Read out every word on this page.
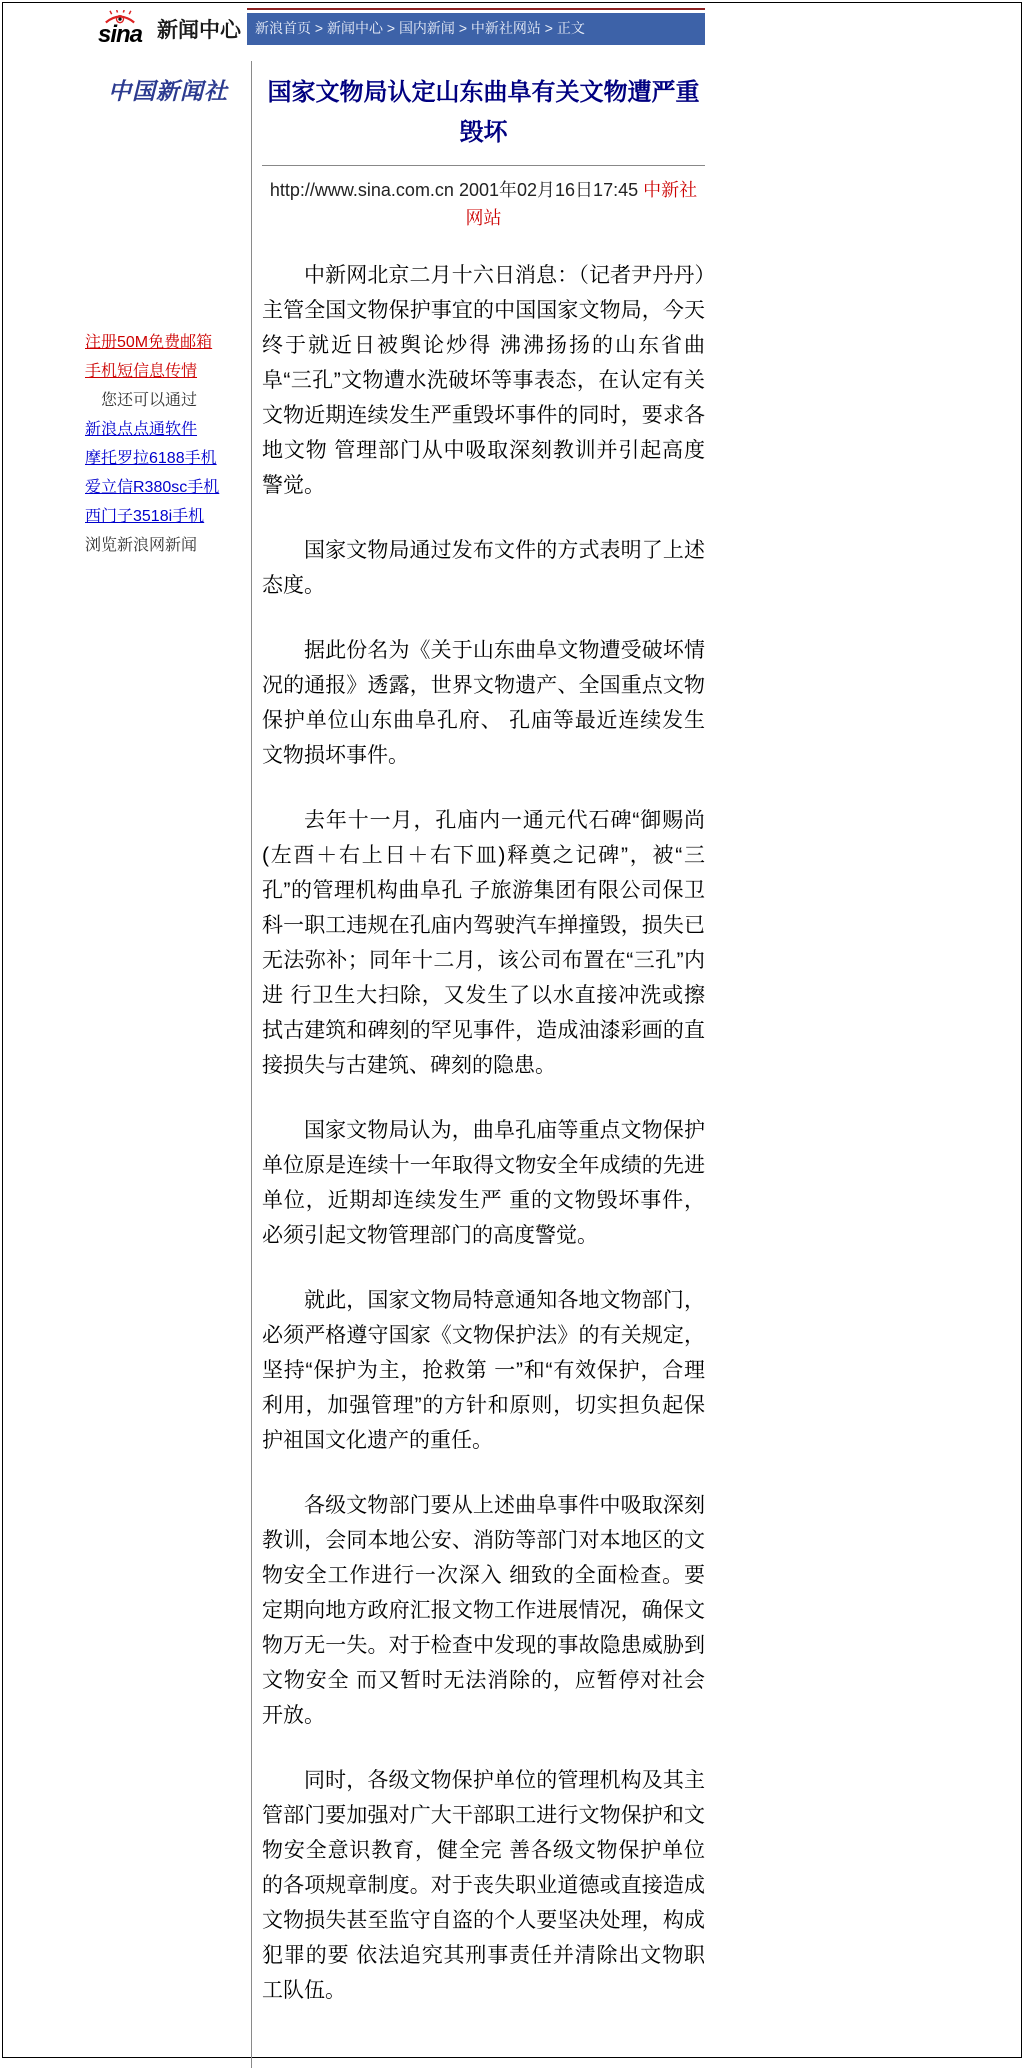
sina 新闻中心	新浪首页 > 新闻中心 > 国内新闻 > 中新社网站 > 正文
中国新闻社
注册50M免费邮箱
手机短信息传情
您还可以通过
新浪点点通软件
摩托罗拉6188手机
爱立信R380sc手机
西门子3518i手机
浏览新浪网新闻
国家文物局认定山东曲阜有关文物遭严重毁坏
http://www.sina.com.cn 2001年02月16日17:45 中新社网站

中新网北京二月十六日消息：（记者尹丹丹）主管全国文物保护事宜的中国国家文物局，今天终于就近日被舆论炒得 沸沸扬扬的山东省曲阜“三孔”文物遭水洗破坏等事表态，在认定有关文物近期连续发生严重毁坏事件的同时，要求各地文物 管理部门从中吸取深刻教训并引起高度警觉。

国家文物局通过发布文件的方式表明了上述态度。

据此份名为《关于山东曲阜文物遭受破坏情况的通报》透露，世界文物遗产、全国重点文物保护单位山东曲阜孔府、 孔庙等最近连续发生文物损坏事件。

去年十一月，孔庙内一通元代石碑“御赐尚(左酉＋右上日＋右下皿)释奠之记碑”，被“三孔”的管理机构曲阜孔 子旅游集团有限公司保卫科一职工违规在孔庙内驾驶汽车掸撞毁，损失已无法弥补；同年十二月，该公司布置在“三孔”内进 行卫生大扫除，又发生了以水直接冲洗或擦拭古建筑和碑刻的罕见事件，造成油漆彩画的直接损失与古建筑、碑刻的隐患。

国家文物局认为，曲阜孔庙等重点文物保护单位原是连续十一年取得文物安全年成绩的先进单位，近期却连续发生严 重的文物毁坏事件，必须引起文物管理部门的高度警觉。

就此，国家文物局特意通知各地文物部门，必须严格遵守国家《文物保护法》的有关规定，坚持“保护为主，抢救第 一”和“有效保护，合理利用，加强管理”的方针和原则，切实担负起保护祖国文化遗产的重任。

各级文物部门要从上述曲阜事件中吸取深刻教训，会同本地公安、消防等部门对本地区的文物安全工作进行一次深入 细致的全面检查。要定期向地方政府汇报文物工作进展情况，确保文物万无一失。对于检查中发现的事故隐患威胁到文物安全 而又暂时无法消除的，应暂停对社会开放。

同时，各级文物保护单位的管理机构及其主管部门要加强对广大干部职工进行文物保护和文物安全意识教育，健全完 善各级文物保护单位的各项规章制度。对于丧失职业道德或直接造成文物损失甚至监守自盗的个人要坚决处理，构成犯罪的要 依法追究其刑事责任并清除出文物职工队伍。
